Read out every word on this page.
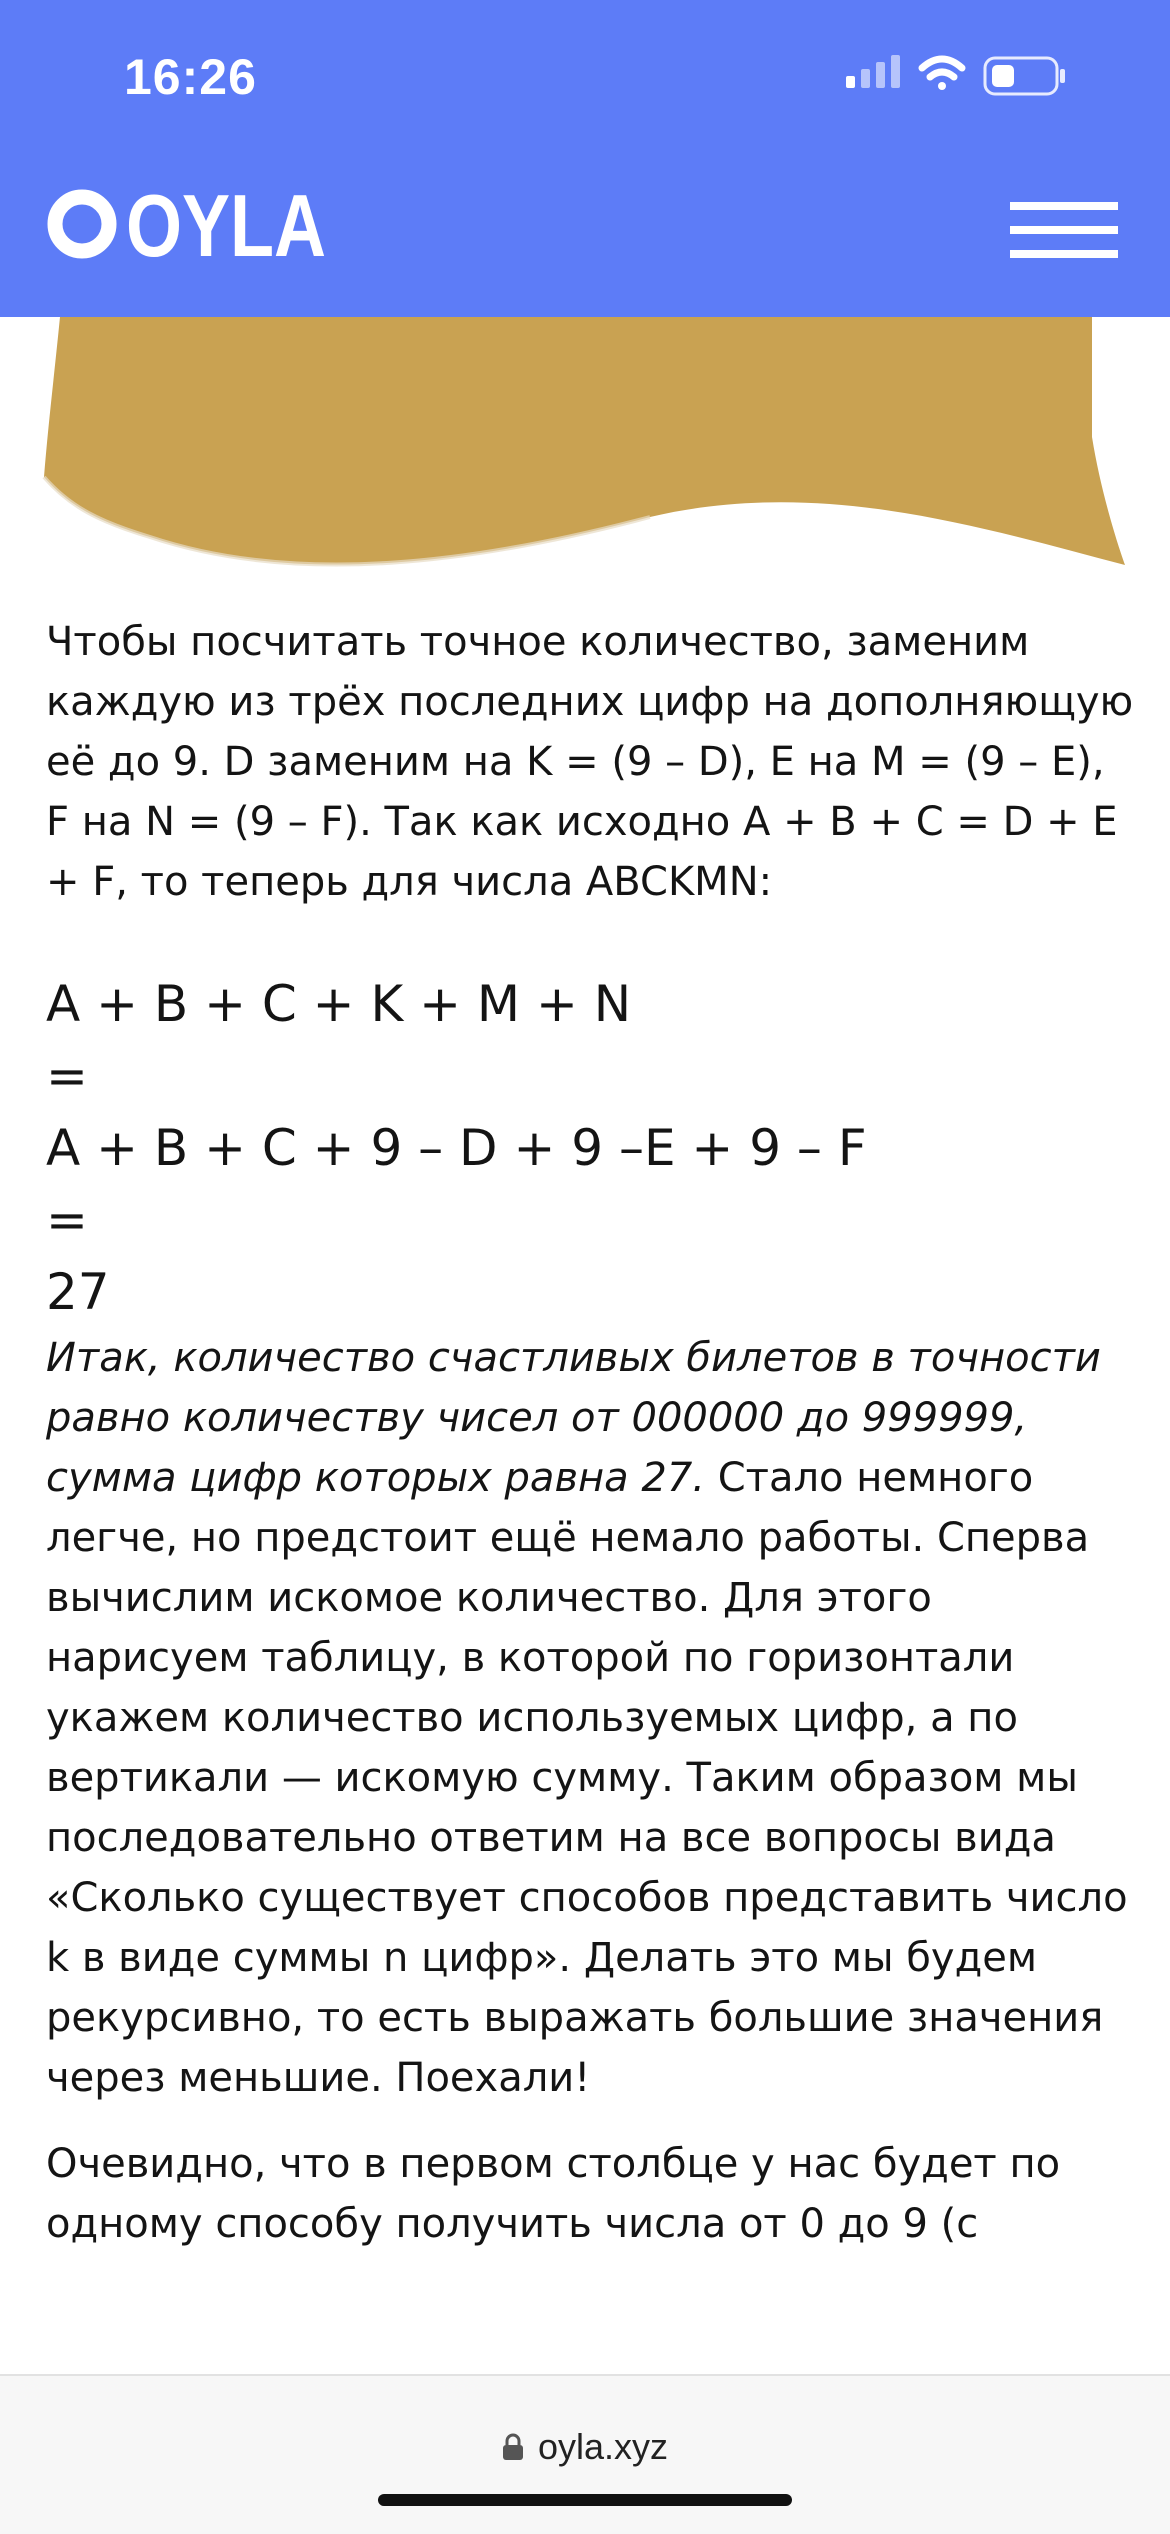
16:26
OYLA

Чтобы посчитать точное количество, заменим каждую из трёх последних цифр на дополняющую её до 9. D заменим на K = (9 – D), E на M = (9 – E), F на N = (9 – F). Так как исходно A + B + C = D + E + F, то теперь для числа ABCKMN:

A + B + C + K + M + N
=
A + B + C + 9 – D + 9 –E + 9 – F
=
27

Итак, количество счастливых билетов в точности равно количеству чисел от 000000 до 999999, сумма цифр которых равна 27. Стало немного легче, но предстоит ещё немало работы. Сперва вычислим искомое количество. Для этого нарисуем таблицу, в которой по горизонтали укажем количество используемых цифр, а по вертикали — искомую сумму. Таким образом мы последовательно ответим на все вопросы вида «Сколько существует способов представить число k в виде суммы n цифр». Делать это мы будем рекурсивно, то есть выражать большие значения через меньшие. Поехали!

Очевидно, что в первом столбце у нас будет по одному способу получить числа от 0 до 9 (с

oyla.xyz
